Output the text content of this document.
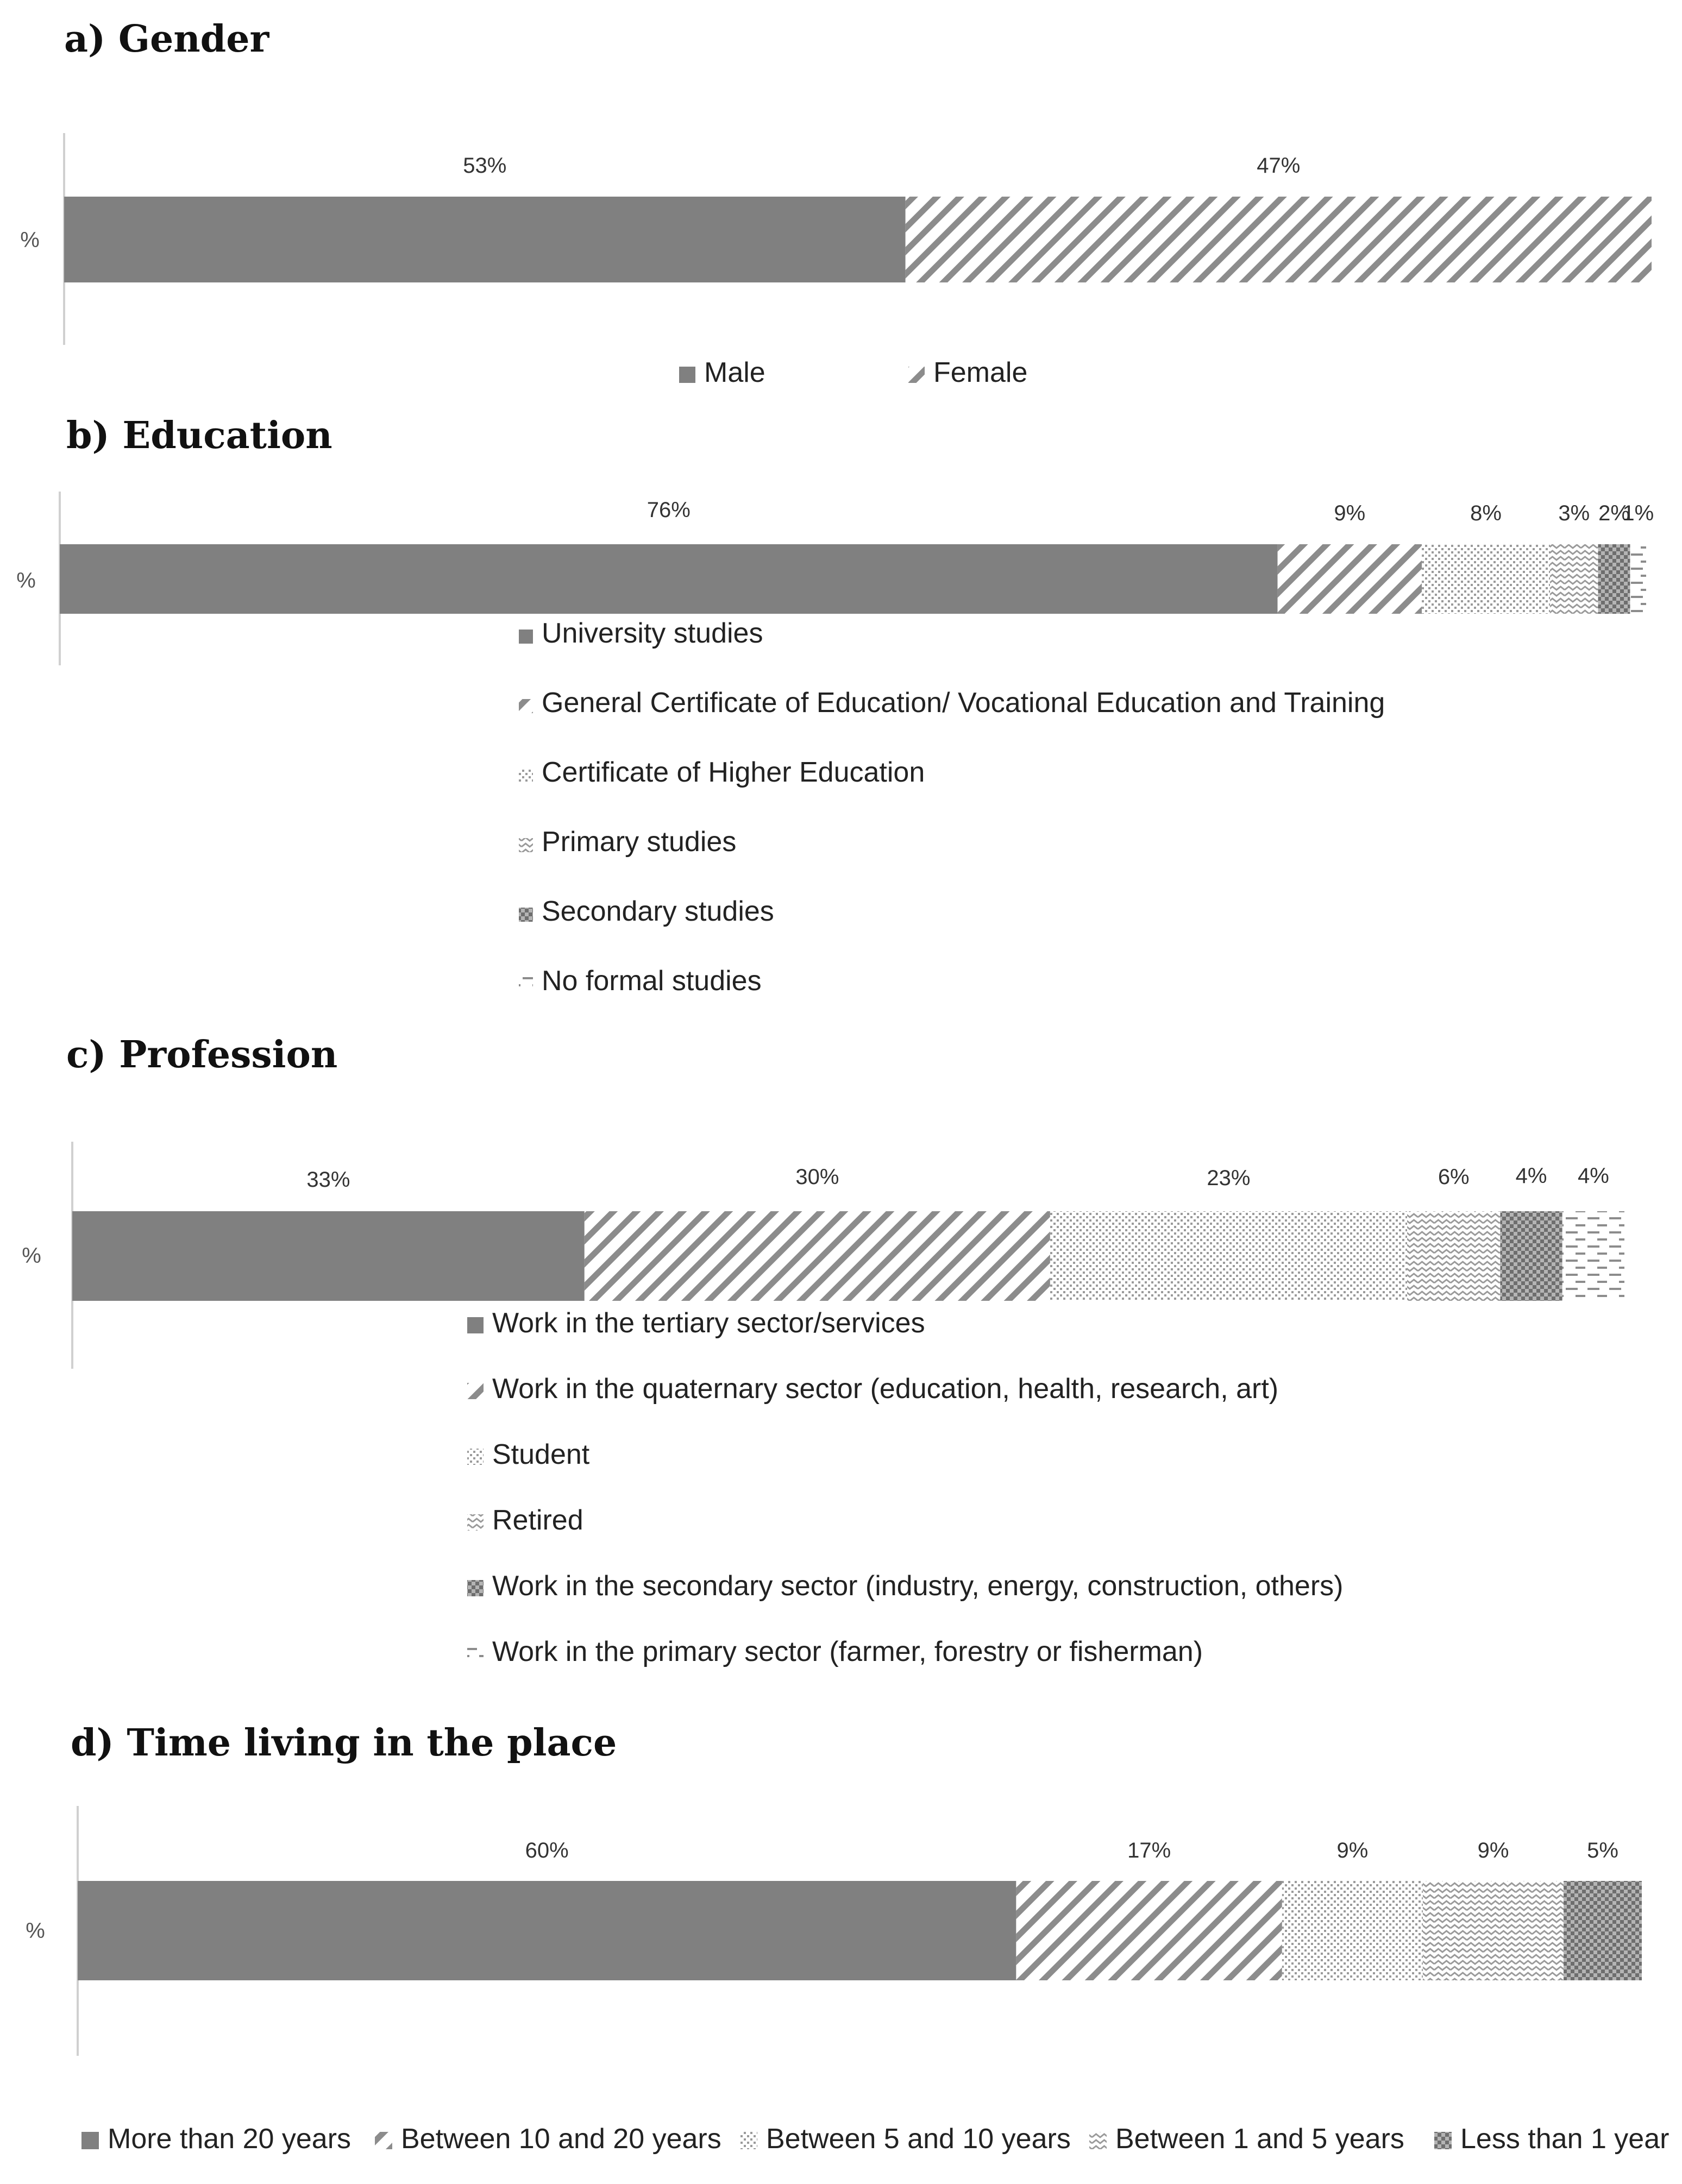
a) Gender
%
53%	47%
Male	Female
b) Education
%
76%	9%	8%	3% 2%
1%
University studies
General Certificate of Education/ Vocational Education and Training
Certificate of Higher Education
Primary studies
Secondary studies
No formal studies
c) Profession
%
33%	30%	23%	6% 4% 4%
Work in the tertiary sector/services
Work in the quaternary sector (education, health, research, art)
Student
Retired
Work in the secondary sector (industry, energy, construction, others)
Work in the primary sector (farmer, forestry or fisherman)
d) Time living in the place
%
60%	17%	9%	9%	5%
More than 20 years Between 10 and 20 years Between 5 and 10 years Between 1 and 5 years Less than 1 year
